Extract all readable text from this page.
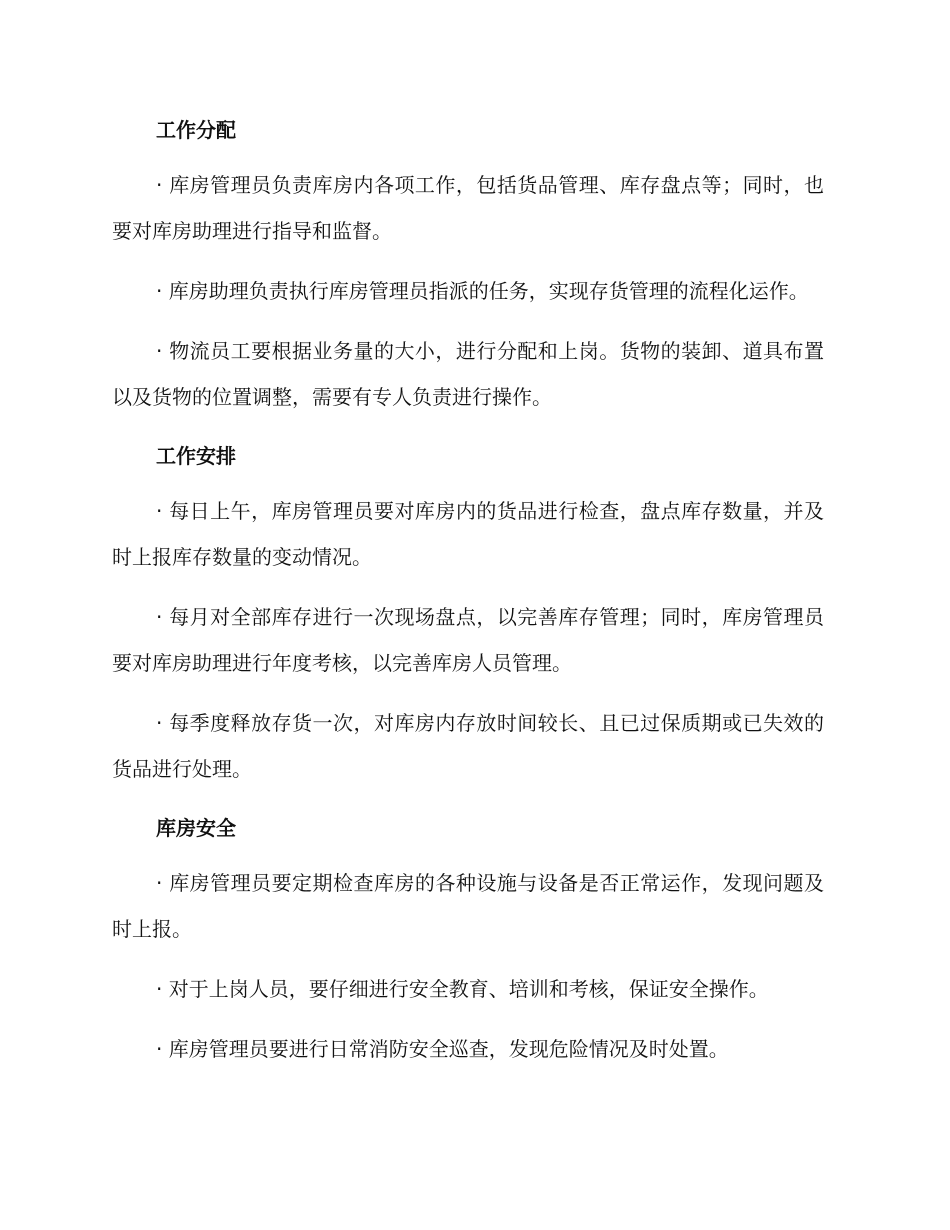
工作分配

· 库房管理员负责库房内各项工作，包括货品管理、库存盘点等；同时，也要对库房助理进行指导和监督。

· 库房助理负责执行库房管理员指派的任务，实现存货管理的流程化运作。

· 物流员工要根据业务量的大小，进行分配和上岗。货物的装卸、道具布置以及货物的位置调整，需要有专人负责进行操作。

工作安排

· 每日上午，库房管理员要对库房内的货品进行检查，盘点库存数量，并及时上报库存数量的变动情况。

· 每月对全部库存进行一次现场盘点，以完善库存管理；同时，库房管理员要对库房助理进行年度考核，以完善库房人员管理。

· 每季度释放存货一次，对库房内存放时间较长、且已过保质期或已失效的货品进行处理。

库房安全

· 库房管理员要定期检查库房的各种设施与设备是否正常运作，发现问题及时上报。

· 对于上岗人员，要仔细进行安全教育、培训和考核，保证安全操作。

· 库房管理员要进行日常消防安全巡查，发现危险情况及时处置。
